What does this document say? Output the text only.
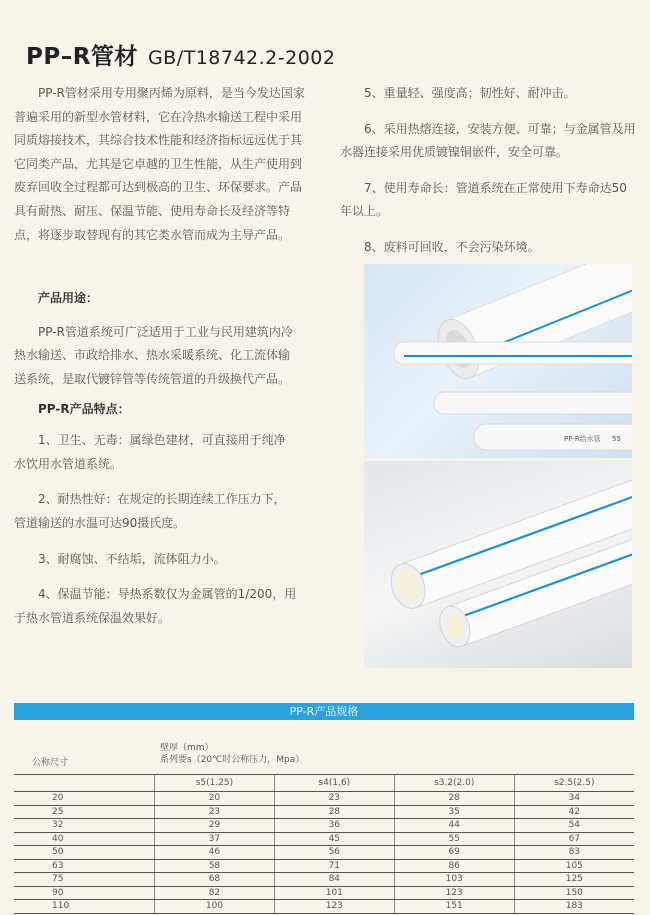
PP–R管材 GB/T18742.2-2002

PP-R管材采用专用聚丙烯为原料，是当今发达国家

普遍采用的新型水管材料，它在冷热水输送工程中采用

同质熔接技术，其综合技术性能和经济指标远远优于其

它同类产品，尤其是它卓越的卫生性能，从生产使用到

废弃回收全过程都可达到极高的卫生、环保要求。产品

具有耐热、耐压、保温节能、使用寿命长及经济等特

点，将逐步取替现有的其它类水管而成为主导产品。

产品用途：

PP-R管道系统可广泛适用于工业与民用建筑内冷

热水输送、市政给排水、热水采暖系统、化工流体输

送系统，是取代镀锌管等传统管道的升级换代产品。

PP-R产品特点：

1、卫生、无毒：属绿色建材，可直接用于纯净

水饮用水管道系统。

2、耐热性好：在规定的长期连续工作压力下，

管道输送的水温可达90摄氏度。

3、耐腐蚀、不结垢，流体阻力小。

4、保温节能：导热系数仅为金属管的1/200，用

于热水管道系统保温效果好。

5、重量轻、强度高；韧性好、耐冲击。

6、采用热熔连接，安装方便、可靠；与金属管及用水器连接采用优质镀镍铜嵌件，安全可靠。

7、使用寿命长：管道系统在正常使用下寿命达50年以上。

8、废料可回收，不会污染环境。

PP-R给水管 55
PP-R产品规格
公称尺寸
壁厚（mm）
系列要s（20℃时公称压力，Mpa）
	s5(1.25)	s4(1.6)	s3.2(2.0)	s2.5(2.5)
20	20	23	28	34
25	23	28	35	42
32	29	36	44	54
40	37	45	55	67
50	46	56	69	83
63	58	71	86	105
75	68	84	103	125
90	82	101	123	150
110	100	123	151	183
